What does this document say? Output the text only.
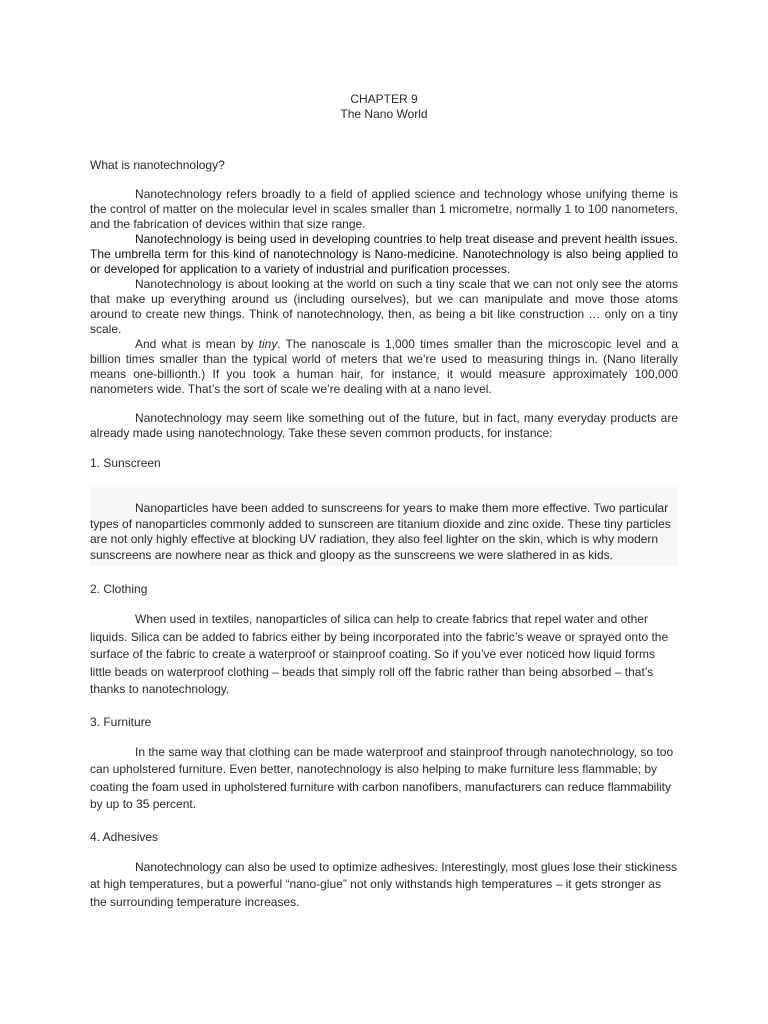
CHAPTER 9

The Nano World

What is nanotechnology?

Nanotechnology refers broadly to a field of applied science and technology whose unifying theme is the control of matter on the molecular level in scales smaller than 1 micrometre, normally 1 to 100 nanometers, and the fabrication of devices within that size range.

Nanotechnology is being used in developing countries to help treat disease and prevent health issues. The umbrella term for this kind of nanotechnology is Nano-medicine. Nanotechnology is also being applied to or developed for application to a variety of industrial and purification processes.

Nanotechnology is about looking at the world on such a tiny scale that we can not only see the atoms that make up everything around us (including ourselves), but we can manipulate and move those atoms around to create new things. Think of nanotechnology, then, as being a bit like construction … only on a tiny scale.

And what is mean by tiny. The nanoscale is 1,000 times smaller than the microscopic level and a billion times smaller than the typical world of meters that we’re used to measuring things in. (Nano literally means one-billionth.) If you took a human hair, for instance, it would measure approximately 100,000 nanometers wide. That’s the sort of scale we’re dealing with at a nano level.

Nanotechnology may seem like something out of the future, but in fact, many everyday products are already made using nanotechnology. Take these seven common products, for instance:

1. Sunscreen

Nanoparticles have been added to sunscreens for years to make them more effective. Two particular types of nanoparticles commonly added to sunscreen are titanium dioxide and zinc oxide. These tiny particles are not only highly effective at blocking UV radiation, they also feel lighter on the skin, which is why modern sunscreens are nowhere near as thick and gloopy as the sunscreens we were slathered in as kids.

2. Clothing

When used in textiles, nanoparticles of silica can help to create fabrics that repel water and other liquids. Silica can be added to fabrics either by being incorporated into the fabric’s weave or sprayed onto the surface of the fabric to create a waterproof or stainproof coating. So if you’ve ever noticed how liquid forms little beads on waterproof clothing – beads that simply roll off the fabric rather than being absorbed – that’s thanks to nanotechnology.

3. Furniture

In the same way that clothing can be made waterproof and stainproof through nanotechnology, so too can upholstered furniture. Even better, nanotechnology is also helping to make furniture less flammable; by coating the foam used in upholstered furniture with carbon nanofibers, manufacturers can reduce flammability by up to 35 percent.

4. Adhesives

Nanotechnology can also be used to optimize adhesives. Interestingly, most glues lose their stickiness at high temperatures, but a powerful “nano-glue” not only withstands high temperatures – it gets stronger as the surrounding temperature increases.
